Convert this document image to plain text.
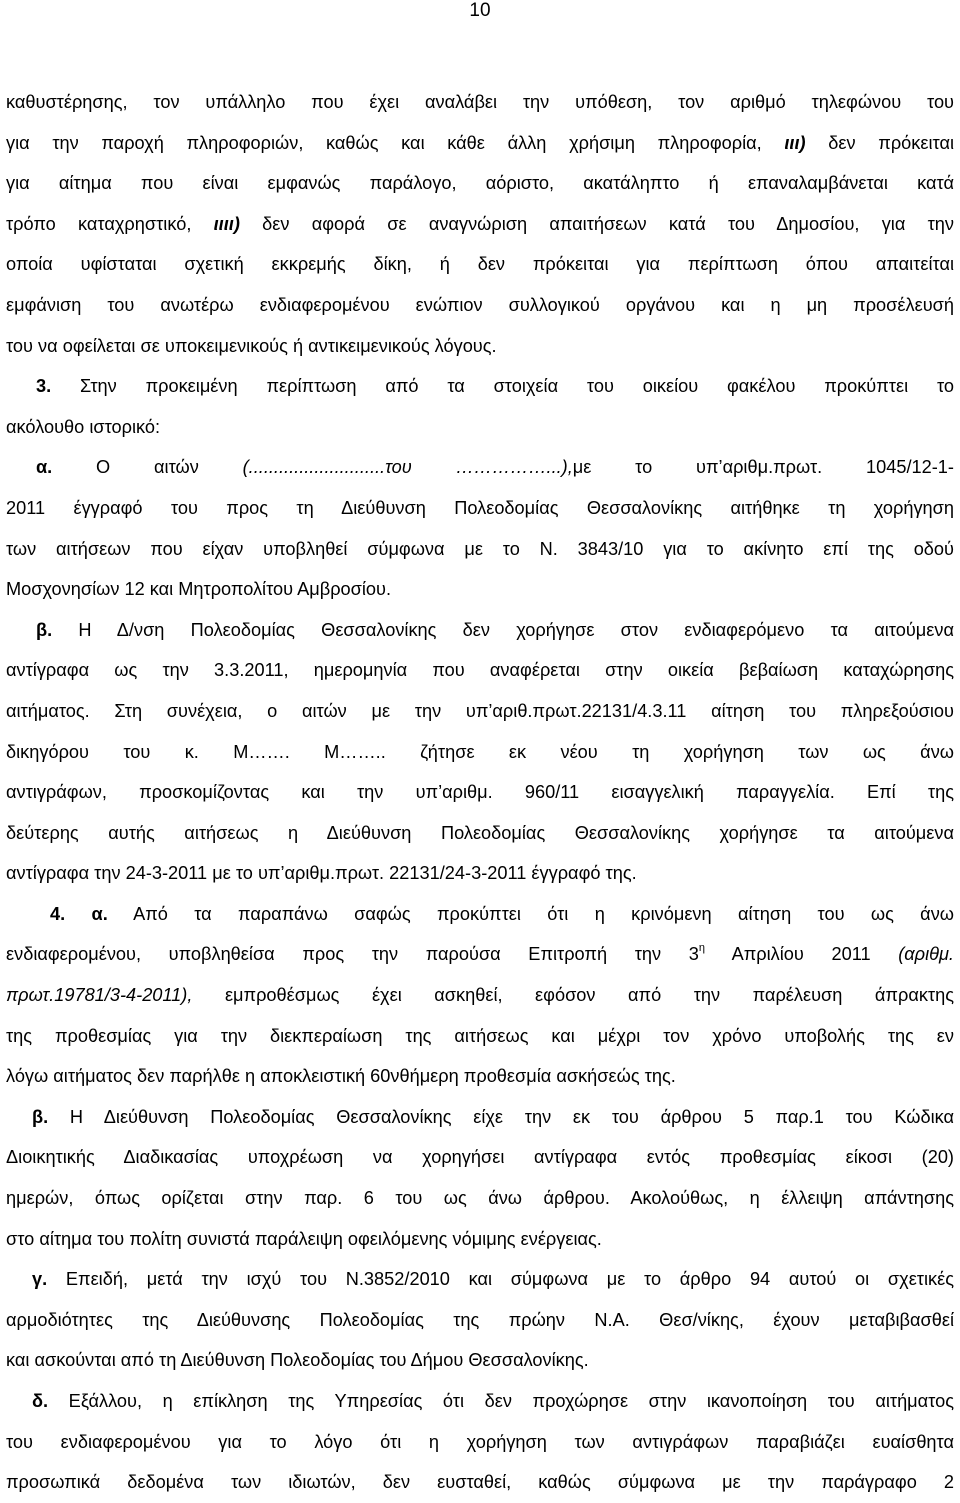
10
καθυστέρησης, τον υπάλληλο που έχει αναλάβει την υπόθεση, τον αριθμό τηλεφώνου του
για την παροχή πληροφοριών, καθώς και κάθε άλλη χρήσιμη πληροφορία, ιιι) δεν πρόκειται
για αίτημα που είναι εμφανώς παράλογο, αόριστο, ακατάληπτο ή επαναλαμβάνεται κατά
τρόπο καταχρηστικό, ιιιι) δεν αφορά σε αναγνώριση απαιτήσεων κατά του Δημοσίου, για την
οποία υφίσταται σχετική εκκρεμής δίκη, ή δεν πρόκειται για περίπτωση όπου απαιτείται
εμφάνιση του ανωτέρω ενδιαφερομένου ενώπιον συλλογικού οργάνου και η μη προσέλευσή
του να οφείλεται σε υποκειμενικούς ή αντικειμενικούς λόγους.
3. Στην προκειμένη περίπτωση από τα στοιχεία του οικείου φακέλου προκύπτει το
ακόλουθο ιστορικό:
α. Ο αιτών (...........................του ……………...),με το υπ’αριθμ.πρωτ. 1045/12-1-
2011 έγγραφό του προς τη Διεύθυνση Πολεοδομίας Θεσσαλονίκης αιτήθηκε τη χορήγηση
των αιτήσεων που είχαν υποβληθεί σύμφωνα με το Ν. 3843/10 για το ακίνητο επί της οδού
Μοσχονησίων 12 και Μητροπολίτου Αμβροσίου.
β. Η Δ/νση Πολεοδομίας Θεσσαλονίκης δεν χορήγησε στον ενδιαφερόμενο τα αιτούμενα
αντίγραφα ως την 3.3.2011, ημερομηνία που αναφέρεται στην οικεία βεβαίωση καταχώρησης
αιτήματος. Στη συνέχεια, ο αιτών με την υπ’αριθ.πρωτ.22131/4.3.11 αίτηση του πληρεξούσιου
δικηγόρου του κ. Μ……. Μ…….. ζήτησε εκ νέου τη χορήγηση των ως άνω
αντιγράφων, προσκομίζοντας και την υπ’αριθμ. 960/11 εισαγγελική παραγγελία. Επί της
δεύτερης αυτής αιτήσεως η Διεύθυνση Πολεοδομίας Θεσσαλονίκης χορήγησε τα αιτούμενα
αντίγραφα την 24-3-2011 με το υπ’αριθμ.πρωτ. 22131/24-3-2011 έγγραφό της.
4. α. Από τα παραπάνω σαφώς προκύπτει ότι η κρινόμενη αίτηση του ως άνω
ενδιαφερομένου, υποβληθείσα προς την παρούσα Επιτροπή την $3^\eta$ Απριλίου 2011 (αριθμ.
πρωτ.19781/3-4-2011), εμπροθέσμως έχει ασκηθεί, εφόσον από την παρέλευση άπρακτης
της προθεσμίας για την διεκπεραίωση της αιτήσεως και μέχρι τον χρόνο υποβολής της εν
λόγω αιτήματος δεν παρήλθε η αποκλειστική 60νθήμερη προθεσμία ασκήσεώς της.
β. Η Διεύθυνση Πολεοδομίας Θεσσαλονίκης είχε την εκ του άρθρου 5 παρ.1 του Κώδικα
Διοικητικής Διαδικασίας υποχρέωση να χορηγήσει αντίγραφα εντός προθεσμίας είκοσι (20)
ημερών, όπως ορίζεται στην παρ. 6 του ως άνω άρθρου. Ακολούθως, η έλλειψη απάντησης
στο αίτημα του πολίτη συνιστά παράλειψη οφειλόμενης νόμιμης ενέργειας.
γ. Επειδή, μετά την ισχύ του Ν.3852/2010 και σύμφωνα με το άρθρο 94 αυτού οι σχετικές
αρμοδιότητες της Διεύθυνσης Πολεοδομίας της πρώην Ν.Α. Θεσ/νίκης, έχουν μεταβιβασθεί
και ασκούνται από τη Διεύθυνση Πολεοδομίας του Δήμου Θεσσαλονίκης.
δ. Εξάλλου, η επίκληση της Υπηρεσίας ότι δεν προχώρησε στην ικανοποίηση του αιτήματος
του ενδιαφερομένου για το λόγο ότι η χορήγηση των αντιγράφων παραβιάζει ευαίσθητα
προσωπικά δεδομένα των ιδιωτών, δεν ευσταθεί, καθώς σύμφωνα με την παράγραφο 2
